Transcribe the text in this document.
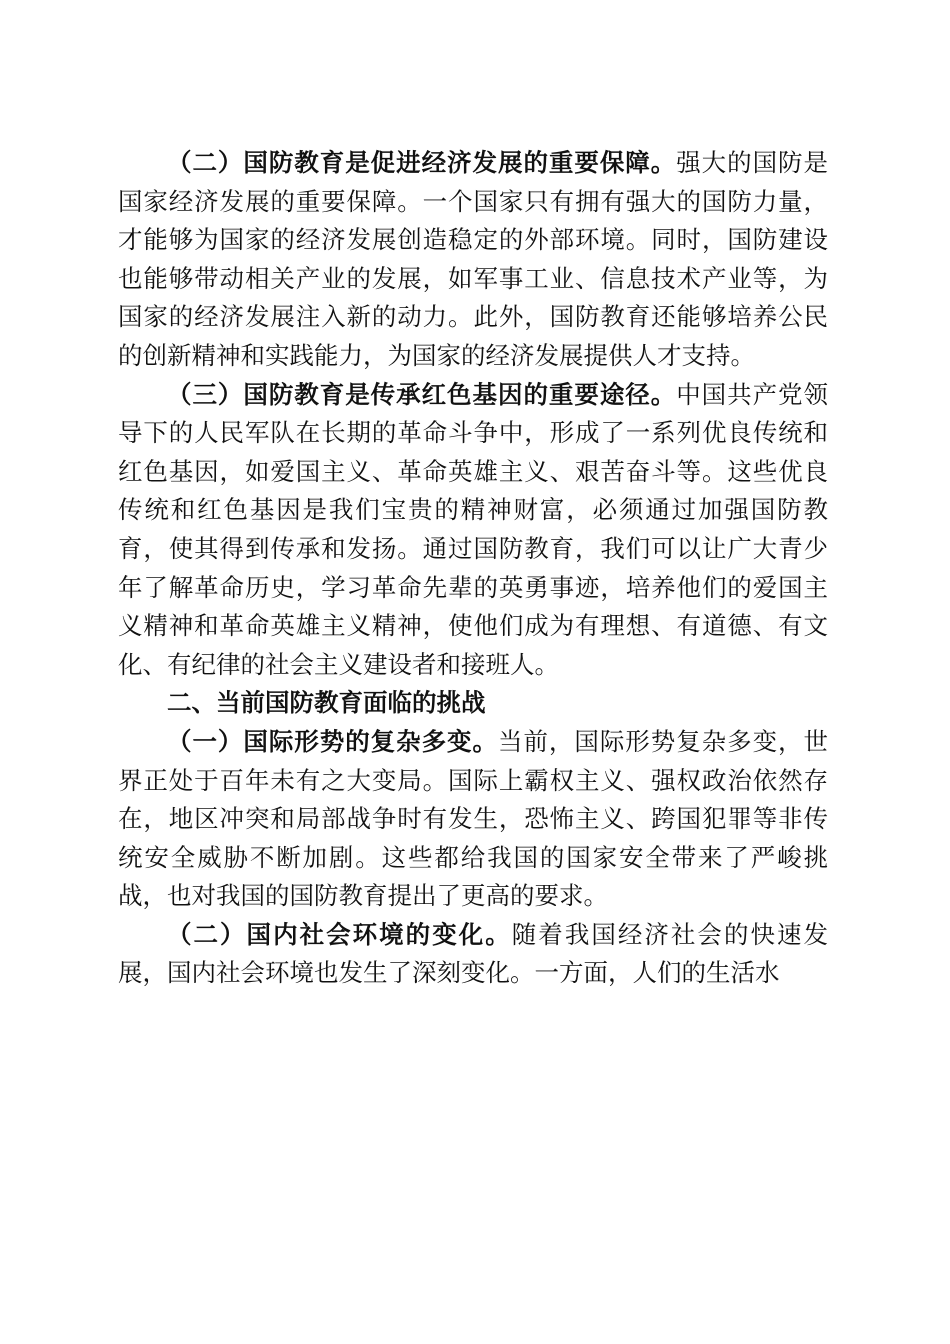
（二）国防教育是促进经济发展的重要保障。强大的国防是国家经济发展的重要保障。一个国家只有拥有强大的国防力量，才能够为国家的经济发展创造稳定的外部环境。同时，国防建设也能够带动相关产业的发展，如军事工业、信息技术产业等，为国家的经济发展注入新的动力。此外，国防教育还能够培养公民的创新精神和实践能力，为国家的经济发展提供人才支持。

（三）国防教育是传承红色基因的重要途径。中国共产党领导下的人民军队在长期的革命斗争中，形成了一系列优良传统和红色基因，如爱国主义、革命英雄主义、艰苦奋斗等。这些优良传统和红色基因是我们宝贵的精神财富，必须通过加强国防教育，使其得到传承和发扬。通过国防教育，我们可以让广大青少年了解革命历史，学习革命先辈的英勇事迹，培养他们的爱国主义精神和革命英雄主义精神，使他们成为有理想、有道德、有文化、有纪律的社会主义建设者和接班人。

二、当前国防教育面临的挑战

（一）国际形势的复杂多变。当前，国际形势复杂多变，世界正处于百年未有之大变局。国际上霸权主义、强权政治依然存在，地区冲突和局部战争时有发生，恐怖主义、跨国犯罪等非传统安全威胁不断加剧。这些都给我国的国家安全带来了严峻挑战，也对我国的国防教育提出了更高的要求。

（二）国内社会环境的变化。随着我国经济社会的快速发展，国内社会环境也发生了深刻变化。一方面，人们的生活水
